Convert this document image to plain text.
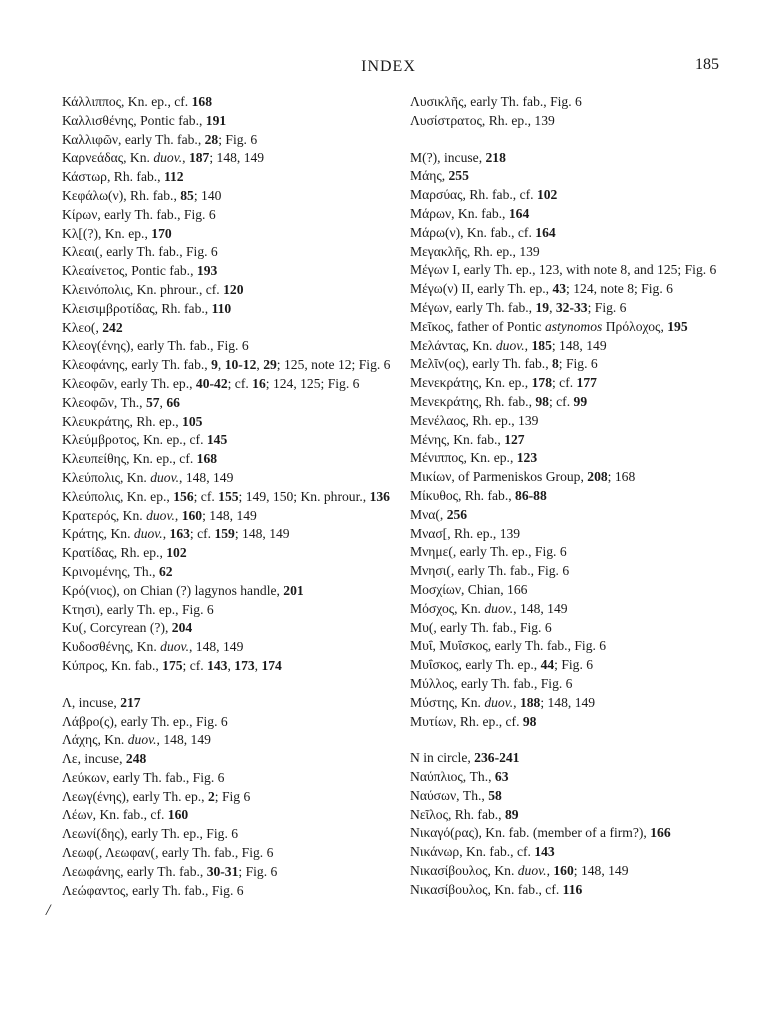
INDEX	185
/
Κάλλιππος, Kn. ep., cf. 168
Καλλισθένης, Pontic fab., 191
Καλλιφῶν, early Th. fab., 28; Fig. 6
Καρνεάδας, Kn. duov., 187; 148, 149
Κάστωρ, Rh. fab., 112
Κεφάλω(ν), Rh. fab., 85; 140
Κίρων, early Th. fab., Fig. 6
Κλ[(?), Kn. ep., 170
Κλεαι(, early Th. fab., Fig. 6
Κλεαίνετος, Pontic fab., 193
Κλεινόπολις, Kn. phrour., cf. 120
Κλεισιμβροτίδας, Rh. fab., 110
Κλεο(, 242
Κλεογ(ένης), early Th. fab., Fig. 6
Κλεοφάνης, early Th. fab., 9, 10-12, 29; 125, note 12; Fig. 6
Κλεοφῶν, early Th. ep., 40-42; cf. 16; 124, 125; Fig. 6
Κλεοφῶν, Th., 57, 66
Κλευκράτης, Rh. ep., 105
Κλεύμβροτος, Kn. ep., cf. 145
Κλευπείθης, Kn. ep., cf. 168
Κλεύπολις, Kn. duov., 148, 149
Κλεύπολις, Kn. ep., 156; cf. 155; 149, 150; Kn. phrour., 136
Κρατερός, Kn. duov., 160; 148, 149
Κράτης, Kn. duov., 163; cf. 159; 148, 149
Κρατίδας, Rh. ep., 102
Κρινομένης, Th., 62
Κρό(νιος), on Chian (?) lagynos handle, 201
Κτησι), early Th. ep., Fig. 6
Κυ(, Corcyrean (?), 204
Κυδοσθένης, Kn. duov., 148, 149
Κύπρος, Kn. fab., 175; cf. 143, 173, 174
Λ, incuse, 217
Λάβρο(ς), early Th. ep., Fig. 6
Λάχης, Kn. duov., 148, 149
Λε, incuse, 248
Λεύκων, early Th. fab., Fig. 6
Λεωγ(ένης), early Th. ep., 2; Fig 6
Λέων, Kn. fab., cf. 160
Λεωνί(δης), early Th. ep., Fig. 6
Λεωφ(, Λεωφαν(, early Th. fab., Fig. 6
Λεωφάνης, early Th. fab., 30-31; Fig. 6
Λεώφαντος, early Th. fab., Fig. 6
Λυσικλῆς, early Th. fab., Fig. 6
Λυσίστρατος, Rh. ep., 139
Μ(?), incuse, 218
Μάης, 255
Μαρσύας, Rh. fab., cf. 102
Μάρων, Kn. fab., 164
Μάρω(ν), Kn. fab., cf. 164
Μεγακλῆς, Rh. ep., 139
Μέγων I, early Th. ep., 123, with note 8, and 125; Fig. 6
Μέγω(ν) II, early Th. ep., 43; 124, note 8; Fig. 6
Μέγων, early Th. fab., 19, 32-33; Fig. 6
Μεῖκος, father of Pontic astynomos Πρόλοχος, 195
Μελάντας, Kn. duov., 185; 148, 149
Μελῖν(ος), early Th. fab., 8; Fig. 6
Μενεκράτης, Kn. ep., 178; cf. 177
Μενεκράτης, Rh. fab., 98; cf. 99
Μενέλαος, Rh. ep., 139
Μένης, Kn. fab., 127
Μένιππος, Kn. ep., 123
Μικίων, of Parmeniskos Group, 208; 168
Μίκυθος, Rh. fab., 86-88
Μνα(, 256
Μνασ[, Rh. ep., 139
Μνημε(, early Th. ep., Fig. 6
Μνησι(, early Th. fab., Fig. 6
Μοσχίων, Chian, 166
Μόσχος, Kn. duov., 148, 149
Μυ(, early Th. fab., Fig. 6
Μυΐ, Μυΐσκος, early Th. fab., Fig. 6
Μυΐσκος, early Th. ep., 44; Fig. 6
Μύλλος, early Th. fab., Fig. 6
Μύστης, Kn. duov., 188; 148, 149
Μυτίων, Rh. ep., cf. 98
N in circle, 236-241
Ναύπλιος, Th., 63
Ναύσων, Th., 58
Νεῖλος, Rh. fab., 89
Νικαγό(ρας), Kn. fab. (member of a firm?), 166
Νικάνωρ, Kn. fab., cf. 143
Νικασίβουλος, Kn. duov., 160; 148, 149
Νικασίβουλος, Kn. fab., cf. 116
